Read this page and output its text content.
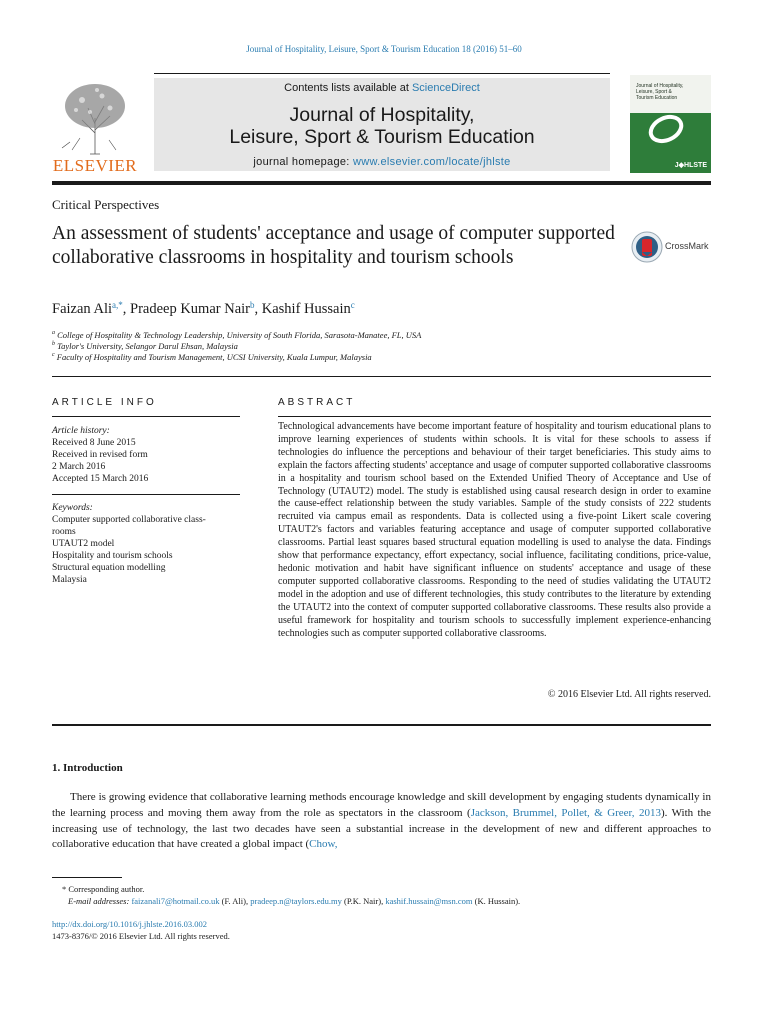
Journal of Hospitality, Leisure, Sport & Tourism Education 18 (2016) 51–60
ELSEVIER
Contents lists available at ScienceDirect
Journal of Hospitality,
Leisure, Sport & Tourism Education
journal homepage: www.elsevier.com/locate/jhlste
Journal of Hospitality,
Leisure, Sport &
Tourism Education
J◆HLSTE
Critical Perspectives
An assessment of students' acceptance and usage of computer supported collaborative classrooms in hospitality and tourism schools
CrossMark
Faizan Ali$^{a,*}$, Pradeep Kumar Nair$^b$, Kashif Hussain$^c$
$^a$ College of Hospitality & Technology Leadership, University of South Florida, Sarasota-Manatee, FL, USA
$^b$ Taylor's University, Selangor Darul Ehsan, Malaysia
$^c$ Faculty of Hospitality and Tourism Management, UCSI University, Kuala Lumpur, Malaysia
ARTICLE INFO
Article history:
Received 8 June 2015
Received in revised form
2 March 2016
Accepted 15 March 2016
Keywords:
Computer supported collaborative class-
rooms
UTAUT2 model
Hospitality and tourism schools
Structural equation modelling
Malaysia
ABSTRACT
Technological advancements have become important feature of hospitality and tourism educational plans to improve learning experiences of students within schools. It is vital for these schools to assess if technologies do influence the perceptions and behaviour of their target beneficiaries. This study aims to explain the factors affecting students' acceptance and usage of computer supported collaborative classrooms in a hospitality and tourism school based on the Extended Unified Theory of Acceptance and Use of Technology (UTAUT2) model. The study is established using causal research design in order to examine the cause-effect relationship between the study variables. Sample of the study consists of 222 students recruited via campus email as respondents. Data is collected using a five-point Likert scale covering UTAUT2's factors and variables featuring acceptance and usage of computer supported collaborative classrooms. Partial least squares based structural equation modelling is used to analyse the data. Findings show that performance expectancy, effort expectancy, social influence, facilitating conditions, price-value, hedonic motivation and habit have significant influence on students' acceptance and usage of these computer supported collaborative classrooms. Responding to the need of studies validating the UTAUT2 model in the adoption and use of different technologies, this study contributes to the literature by extending the UTAUT2 into the context of computer supported collaborative classrooms. These results also provide a useful framework for hospitality and tourism schools to successfully implement experience-enhancing technologies such as computer supported collaborative classrooms.
© 2016 Elsevier Ltd. All rights reserved.
1. Introduction
There is growing evidence that collaborative learning methods encourage knowledge and skill development by engaging students dynamically in the learning process and moving them away from the role as spectators in the classroom (Jackson, Brummel, Pollet, & Greer, 2013). With the increasing use of technology, the last two decades have seen a substantial increase in the development of new and different approaches to collaborative education that have created a global impact (Chow,
* Corresponding author.
E-mail addresses: faizanali7@hotmail.co.uk (F. Ali), pradeep.n@taylors.edu.my (P.K. Nair), kashif.hussain@msn.com (K. Hussain).
http://dx.doi.org/10.1016/j.jhlste.2016.03.002
1473-8376/© 2016 Elsevier Ltd. All rights reserved.
